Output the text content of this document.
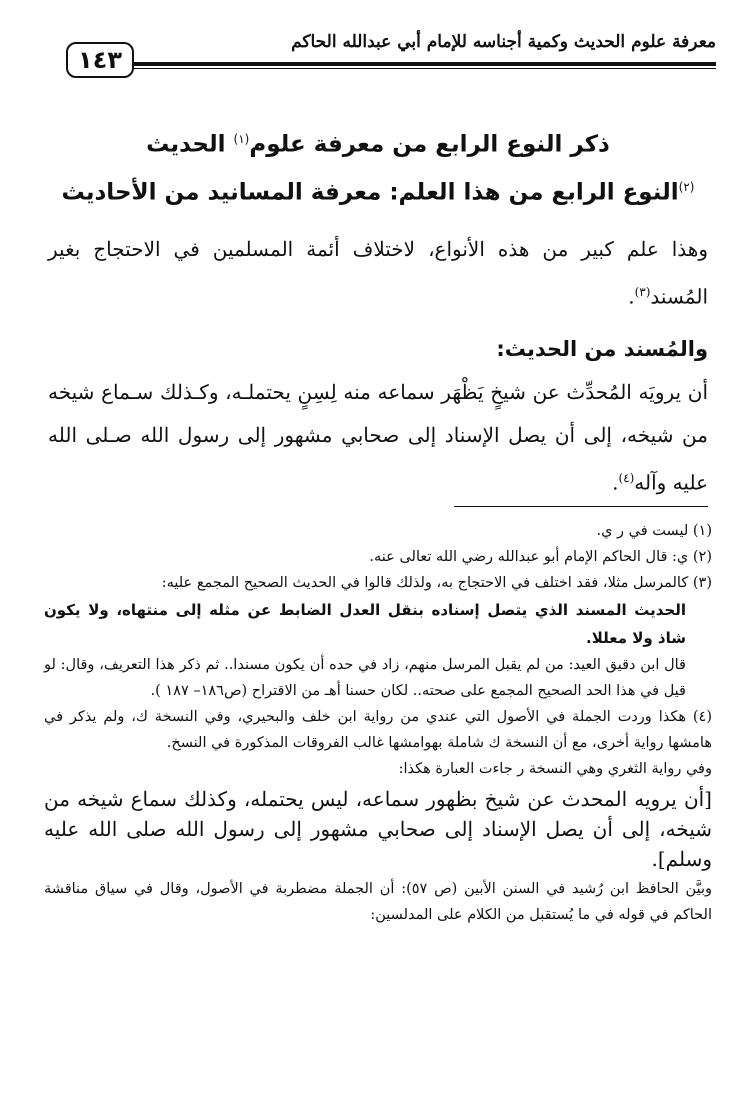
١٤٣
معرفة علوم الحديث وكمية أجناسه للإمام أبي عبدالله الحاكم
ذكر النوع الرابع من معرفة علوم$^{(١)}$ الحديث
$^{(٢)}$النوع الرابع من هذا العلم: معرفة المسانيد من الأحاديث

وهذا علم كبير من هذه الأنواع، لاختلاف أئمة المسلمين في الاحتجاج بغير المُسند$^{(٣)}$.

والمُسند من الحديث:

أن يرويَه المُحدِّث عن شيخٍ يَظْهَر سماعه منه لِسِنٍ يحتملـه، وكـذلك سـماع شيخه من شيخه، إلى أن يصل الإسناد إلى صحابي مشهور إلى رسول الله صـلى الله عليه وآله$^{(٤)}$.

(١) ليست في ر ي.

(٢) ي: قال الحاكم الإمام أبو عبدالله رضي الله تعالى عنه.

(٣) كالمرسل مثلا، فقد اختلف في الاحتجاج به، ولذلك قالوا في الحديث الصحيح المجمع عليه:

الحديث المسند الذي يتصل إسناده بنقل العدل الضابط عن مثله إلى منتهاه، ولا يكون شاذ ولا معللا.

قال ابن دقيق العيد: من لم يقبل المرسل منهم، زاد في حده أن يكون مسندا.. ثم ذكر هذا التعريف، وقال: لو قيل في هذا الحد الصحيح المجمع على صحته.. لكان حسنا أهـ من الاقتراح (ص١٨٦– ١٨٧ ).

(٤) هكذا وردت الجملة في الأصول التي عندي من رواية ابن خلف والبحيري، وفي النسخة ك، ولم يذكر في هامشها رواية أخرى، مع أن النسخة ك شاملة بهوامشها غالب الفروقات المذكورة في النسخ.

وفي رواية الثغري وهي النسخة ر جاءت العبارة هكذا:

[أن يرويه المحدث عن شيخ بظهور سماعه، ليس يحتمله، وكذلك سماع شيخه من شيخه، إلى أن يصل الإسناد إلى صحابي مشهور إلى رسول الله صلى الله عليه وسلم].

وبيَّن الحافظ ابن رُشيد في السنن الأبين (ص ٥٧): أن الجملة مضطربة في الأصول، وقال في سياق مناقشة الحاكم في قوله في ما يُستقبل من الكلام على المدلسين:
